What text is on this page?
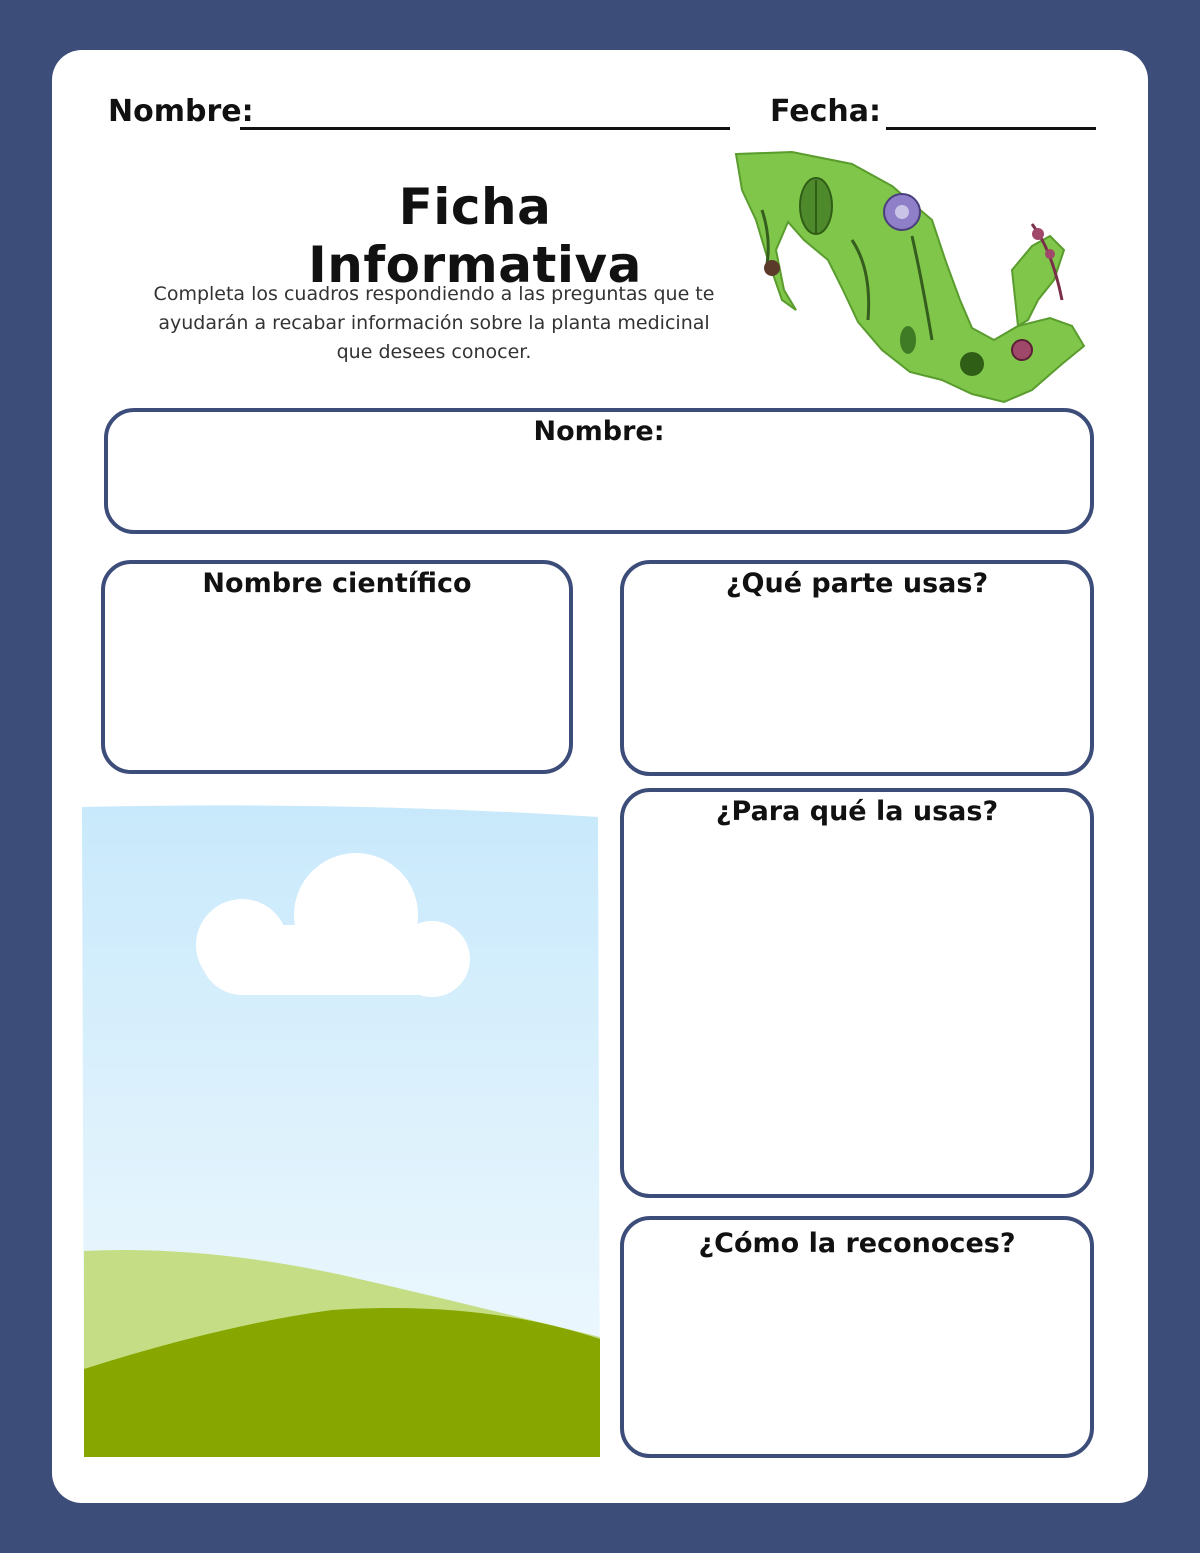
Nombre:	Fecha:
Ficha Informativa
Completa los cuadros respondiendo a las preguntas que te
ayudarán a recabar información sobre la planta medicinal
que desees conocer.
Nombre:
Nombre científico	¿Qué parte usas?
¿Para qué la usas?
¿Cómo la reconoces?
